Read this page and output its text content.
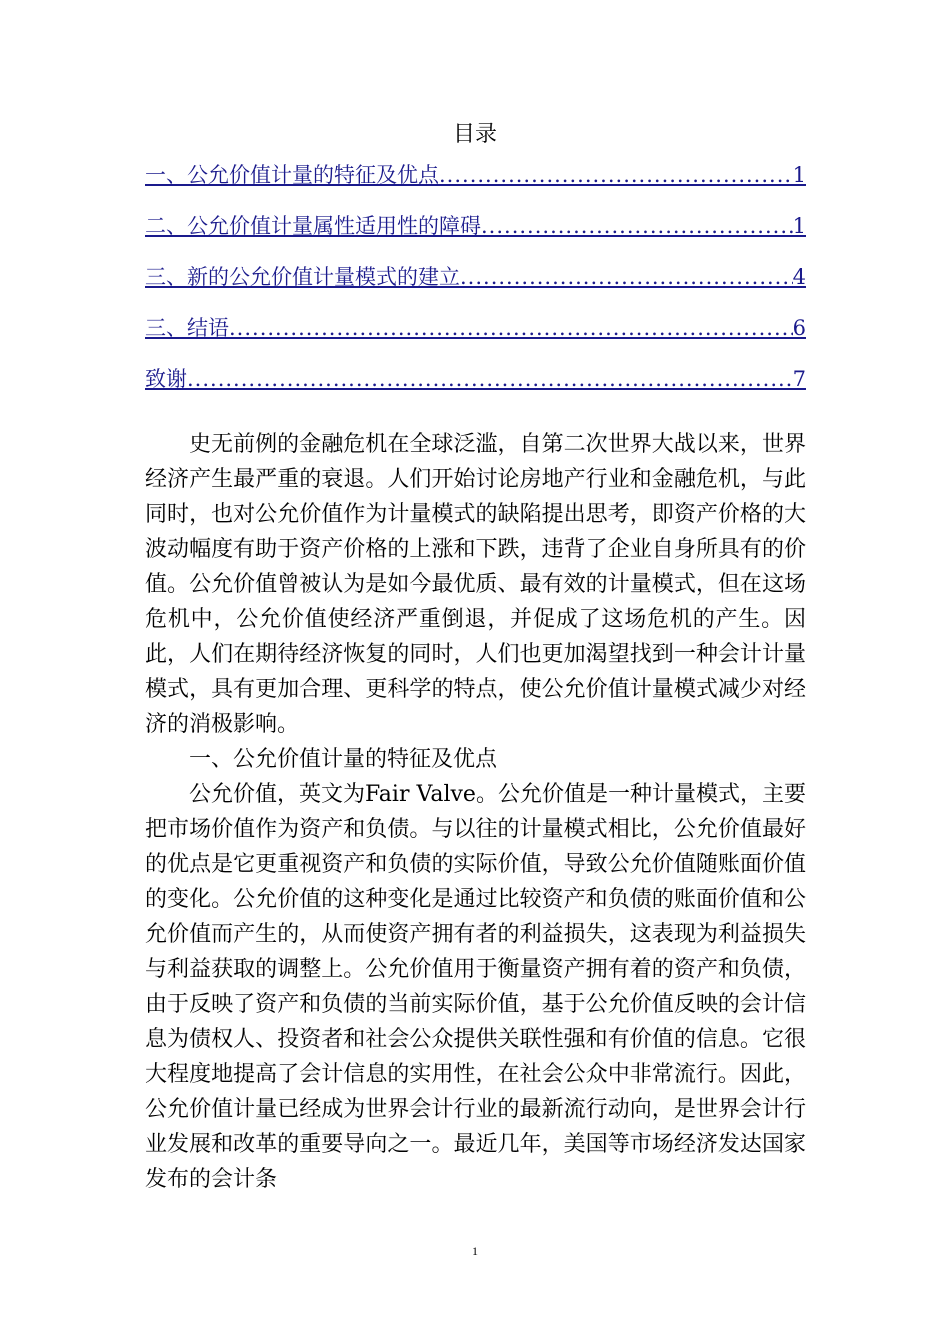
目录
一、公允价值计量的特征及优点 .....	1
二、公允价值计量属性适用性的障碍 .....	1
三、新的公允价值计量模式的建立 .....	4
三、结语 .....	6
致谢 .....	7

史无前例的金融危机在全球泛滥，自第二次世界大战以来，世界经济产生最严重的衰退。人们开始讨论房地产行业和金融危机，与此同时，也对公允价值作为计量模式的缺陷提出思考，即资产价格的大波动幅度有助于资产价格的上涨和下跌，违背了企业自身所具有的价值。公允价值曾被认为是如今最优质、最有效的计量模式，但在这场危机中，公允价值使经济严重倒退，并促成了这场危机的产生。因此，人们在期待经济恢复的同时，人们也更加渴望找到一种会计计量模式，具有更加合理、更科学的特点，使公允价值计量模式减少对经济的消极影响。

一、公允价值计量的特征及优点

公允价值，英文为Fair Valve。公允价值是一种计量模式，主要把市场价值作为资产和负债。与以往的计量模式相比，公允价值最好的优点是它更重视资产和负债的实际价值，导致公允价值随账面价值的变化。公允价值的这种变化是通过比较资产和负债的账面价值和公允价值而产生的，从而使资产拥有者的利益损失，这表现为利益损失与利益获取的调整上。公允价值用于衡量资产拥有着的资产和负债，由于反映了资产和负债的当前实际价值，基于公允价值反映的会计信息为债权人、投资者和社会公众提供关联性强和有价值的信息。它很大程度地提高了会计信息的实用性，在社会公众中非常流行。因此，公允价值计量已经成为世界会计行业的最新流行动向，是世界会计行业发展和改革的重要导向之一。最近几年，美国等市场经济发达国家发布的会计条

1
